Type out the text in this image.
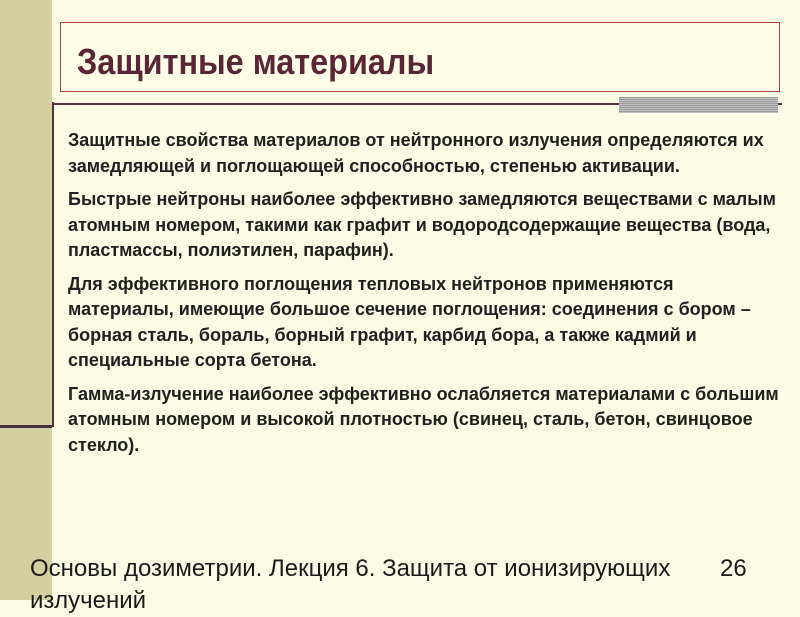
Защитные материалы

Защитные свойства материалов от нейтронного излучения определяются их замедляющей и поглощающей способностью, степенью активации.

Быстрые нейтроны наиболее эффективно замедляются веществами с малым атомным номером, такими как графит и водородсодержащие вещества (вода, пластмассы, полиэтилен, парафин).

Для эффективного поглощения тепловых нейтронов применяются материалы, имеющие большое сечение поглощения: соединения с бором – борная сталь, бораль, борный графит, карбид бора, а также кадмий и специальные сорта бетона.

Гамма-излучение наиболее эффективно ослабляется материалами с большим атомным номером и высокой плотностью (свинец, сталь, бетон, свинцовое стекло).

Основы дозиметрии. Лекция 6. Защита от ионизирующих излучений

26
